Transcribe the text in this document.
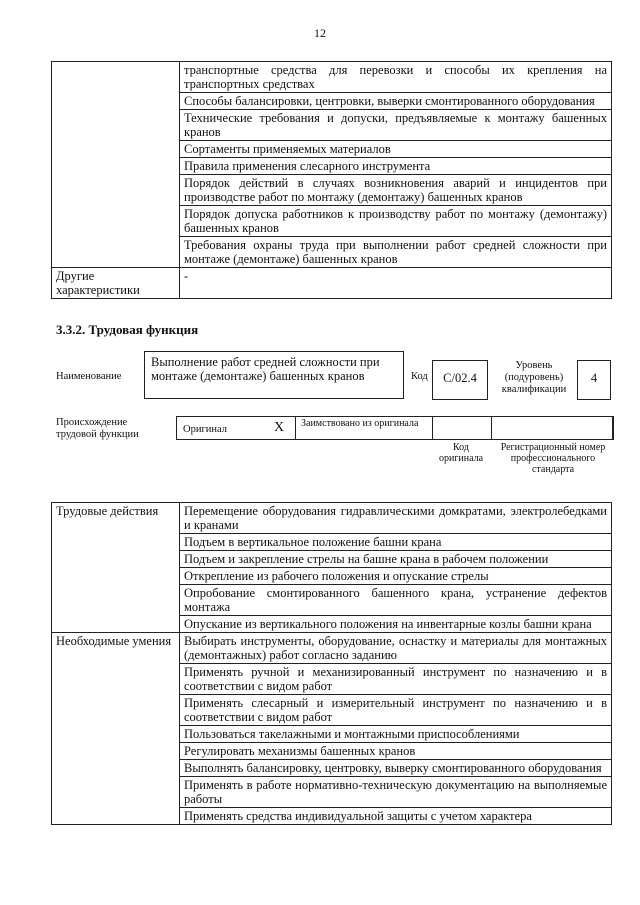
12
	транспортные средства для перевозки и способы их крепления на транспортных средствах
	Способы балансировки, центровки, выверки смонтированного оборудования
	Технические требования и допуски, предъявляемые к монтажу башенных кранов
	Сортаменты применяемых материалов
	Правила применения слесарного инструмента
	Порядок действий в случаях возникновения аварий и инцидентов при производстве работ по монтажу (демонтажу) башенных кранов
	Порядок допуска работников к производству работ по монтажу (демонтажу) башенных кранов
	Требования охраны труда при выполнении работ средней сложности при монтаже (демонтаже) башенных кранов
Другие характеристики	-
3.3.2. Трудовая функция
Наименование
Выполнение работ средней сложности при монтаже (демонтаже) башенных кранов	Код	C/02.4
Уровень (подуровень) квалификации
4
Происхождение трудовой функции	Оригинал	X Заимствовано из оригинала
Код оригинала
Регистрационный номер профессионального стандарта
Трудовые действия	Перемещение оборудования гидравлическими домкратами, электролебедками и кранами
	Подъем в вертикальное положение башни крана
	Подъем и закрепление стрелы на башне крана в рабочем положении
	Открепление из рабочего положения и опускание стрелы
	Опробование смонтированного башенного крана, устранение дефектов монтажа
	Опускание из вертикального положения на инвентарные козлы башни крана
Необходимые умения	Выбирать инструменты, оборудование, оснастку и материалы для монтажных (демонтажных) работ согласно заданию
	Применять ручной и механизированный инструмент по назначению и в соответствии с видом работ
	Применять слесарный и измерительный инструмент по назначению и в соответствии с видом работ
	Пользоваться такелажными и монтажными приспособлениями
	Регулировать механизмы башенных кранов
	Выполнять балансировку, центровку, выверку смонтированного оборудования
	Применять в работе нормативно-техническую документацию на выполняемые работы
	Применять средства индивидуальной защиты с учетом характера
